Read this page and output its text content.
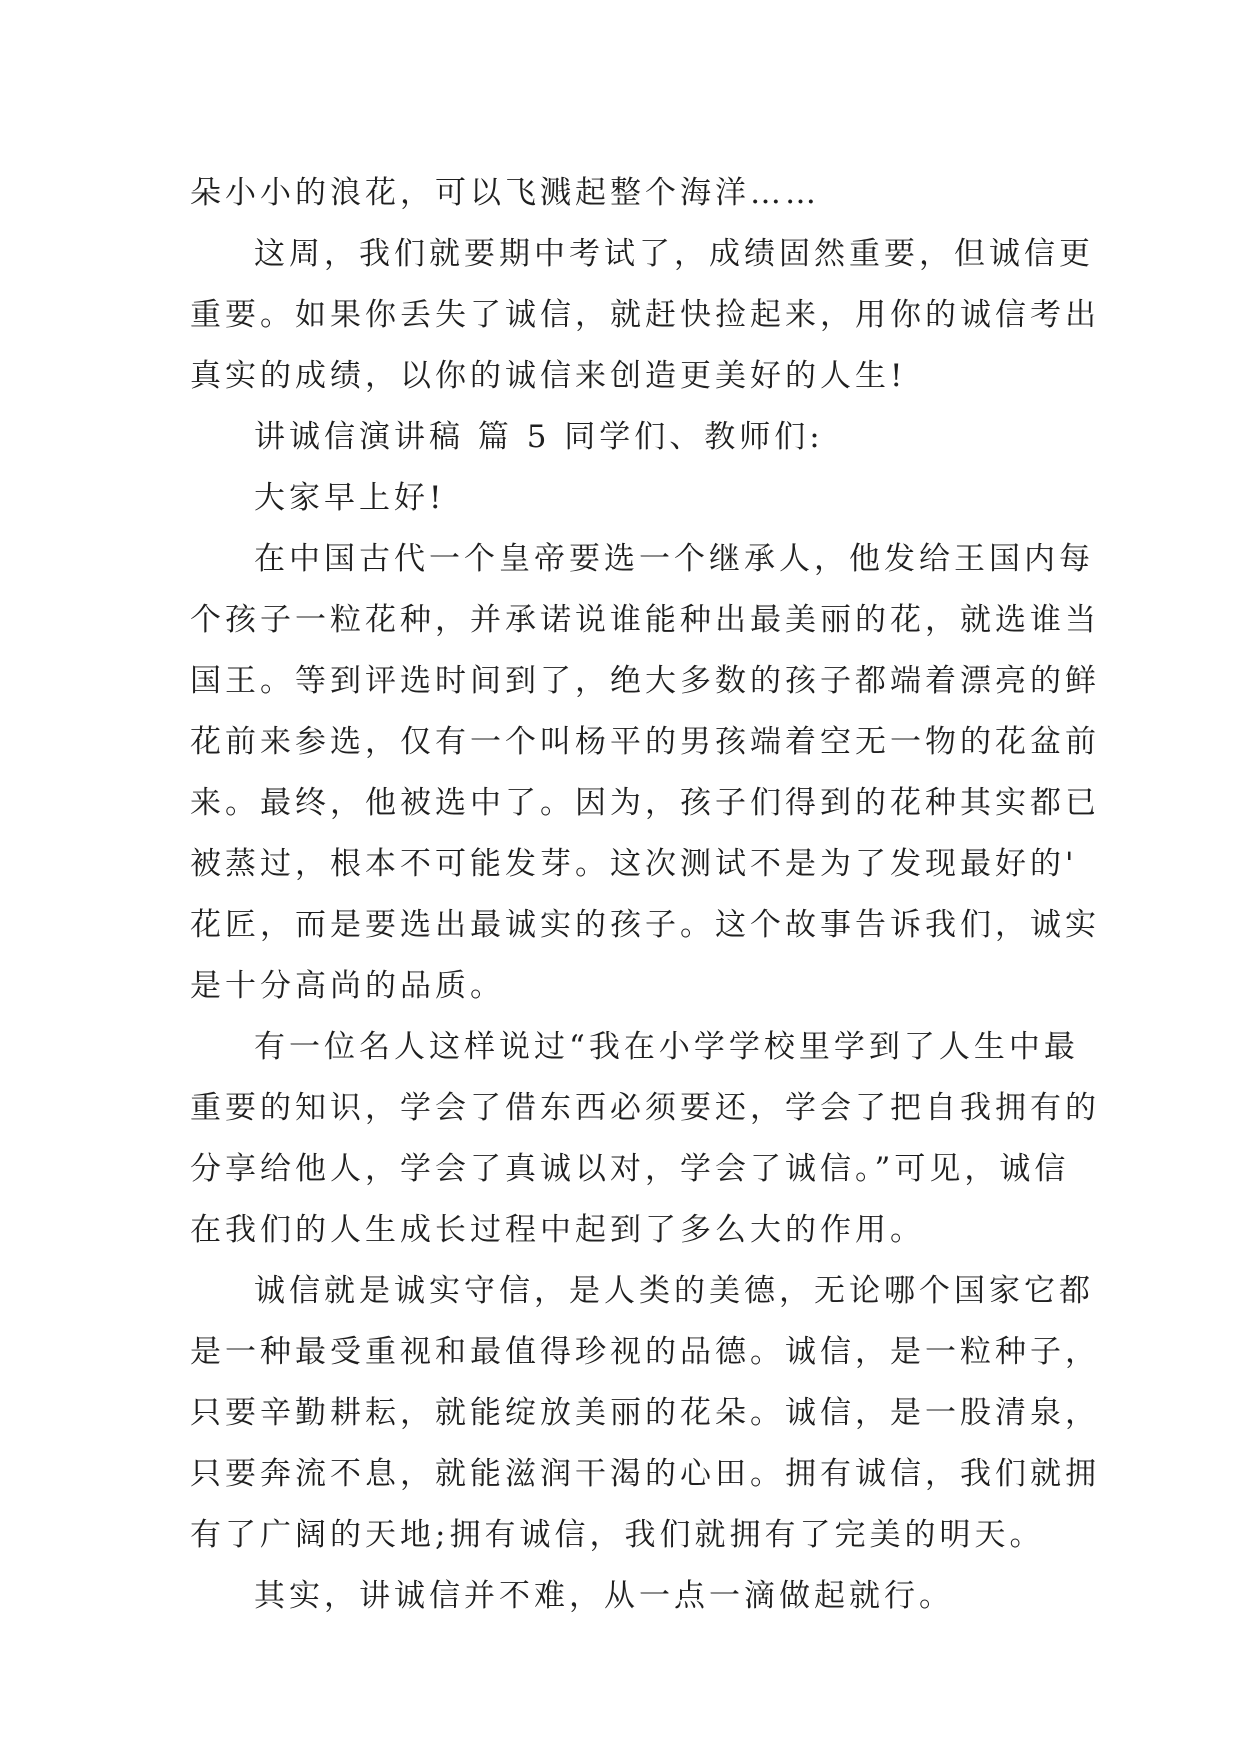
朵小小的浪花，可以飞溅起整个海洋……
这周，我们就要期中考试了，成绩固然重要，但诚信更
重要。如果你丢失了诚信，就赶快捡起来，用你的诚信考出
真实的成绩，以你的诚信来创造更美好的人生!
讲诚信演讲稿 篇 5 同学们、教师们:
大家早上好!
在中国古代一个皇帝要选一个继承人，他发给王国内每
个孩子一粒花种，并承诺说谁能种出最美丽的花，就选谁当
国王。等到评选时间到了，绝大多数的孩子都端着漂亮的鲜
花前来参选，仅有一个叫杨平的男孩端着空无一物的花盆前
来。最终，他被选中了。因为，孩子们得到的花种其实都已
被蒸过，根本不可能发芽。这次测试不是为了发现最好的'
花匠，而是要选出最诚实的孩子。这个故事告诉我们，诚实
是十分高尚的品质。
有一位名人这样说过“我在小学学校里学到了人生中最
重要的知识，学会了借东西必须要还，学会了把自我拥有的
分享给他人，学会了真诚以对，学会了诚信。”可见，诚信
在我们的人生成长过程中起到了多么大的作用。
诚信就是诚实守信，是人类的美德，无论哪个国家它都
是一种最受重视和最值得珍视的品德。诚信，是一粒种子，
只要辛勤耕耘，就能绽放美丽的花朵。诚信，是一股清泉，
只要奔流不息，就能滋润干渴的心田。拥有诚信，我们就拥
有了广阔的天地;拥有诚信，我们就拥有了完美的明天。
其实，讲诚信并不难，从一点一滴做起就行。
